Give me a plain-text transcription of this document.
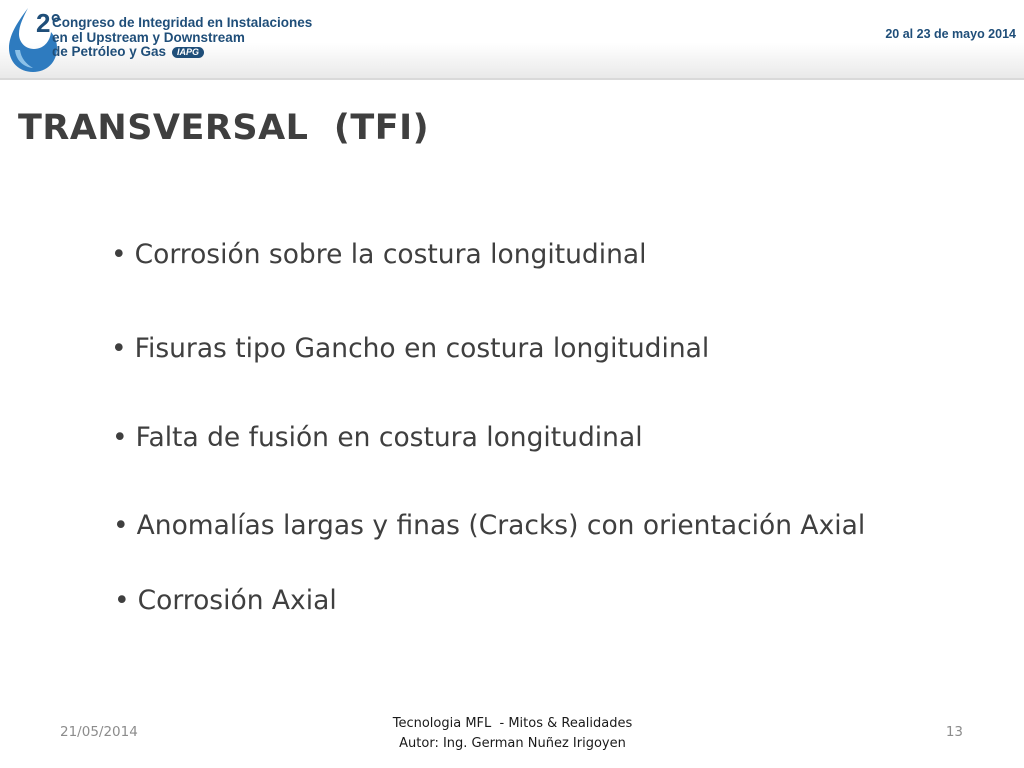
2°
Congreso de Integridad en Instalaciones
en el Upstream y Downstream
de Petróleo y Gas IAPG
20 al 23 de mayo 2014
TRANSVERSAL  (TFI)
• Corrosión sobre la costura longitudinal
• Fisuras tipo Gancho en costura longitudinal
• Falta de fusión en costura longitudinal
• Anomalías largas y finas (Cracks) con orientación Axial
• Corrosión Axial
21/05/2014
Tecnologia MFL  - Mitos & Realidades
Autor: Ing. German Nuñez Irigoyen
13
